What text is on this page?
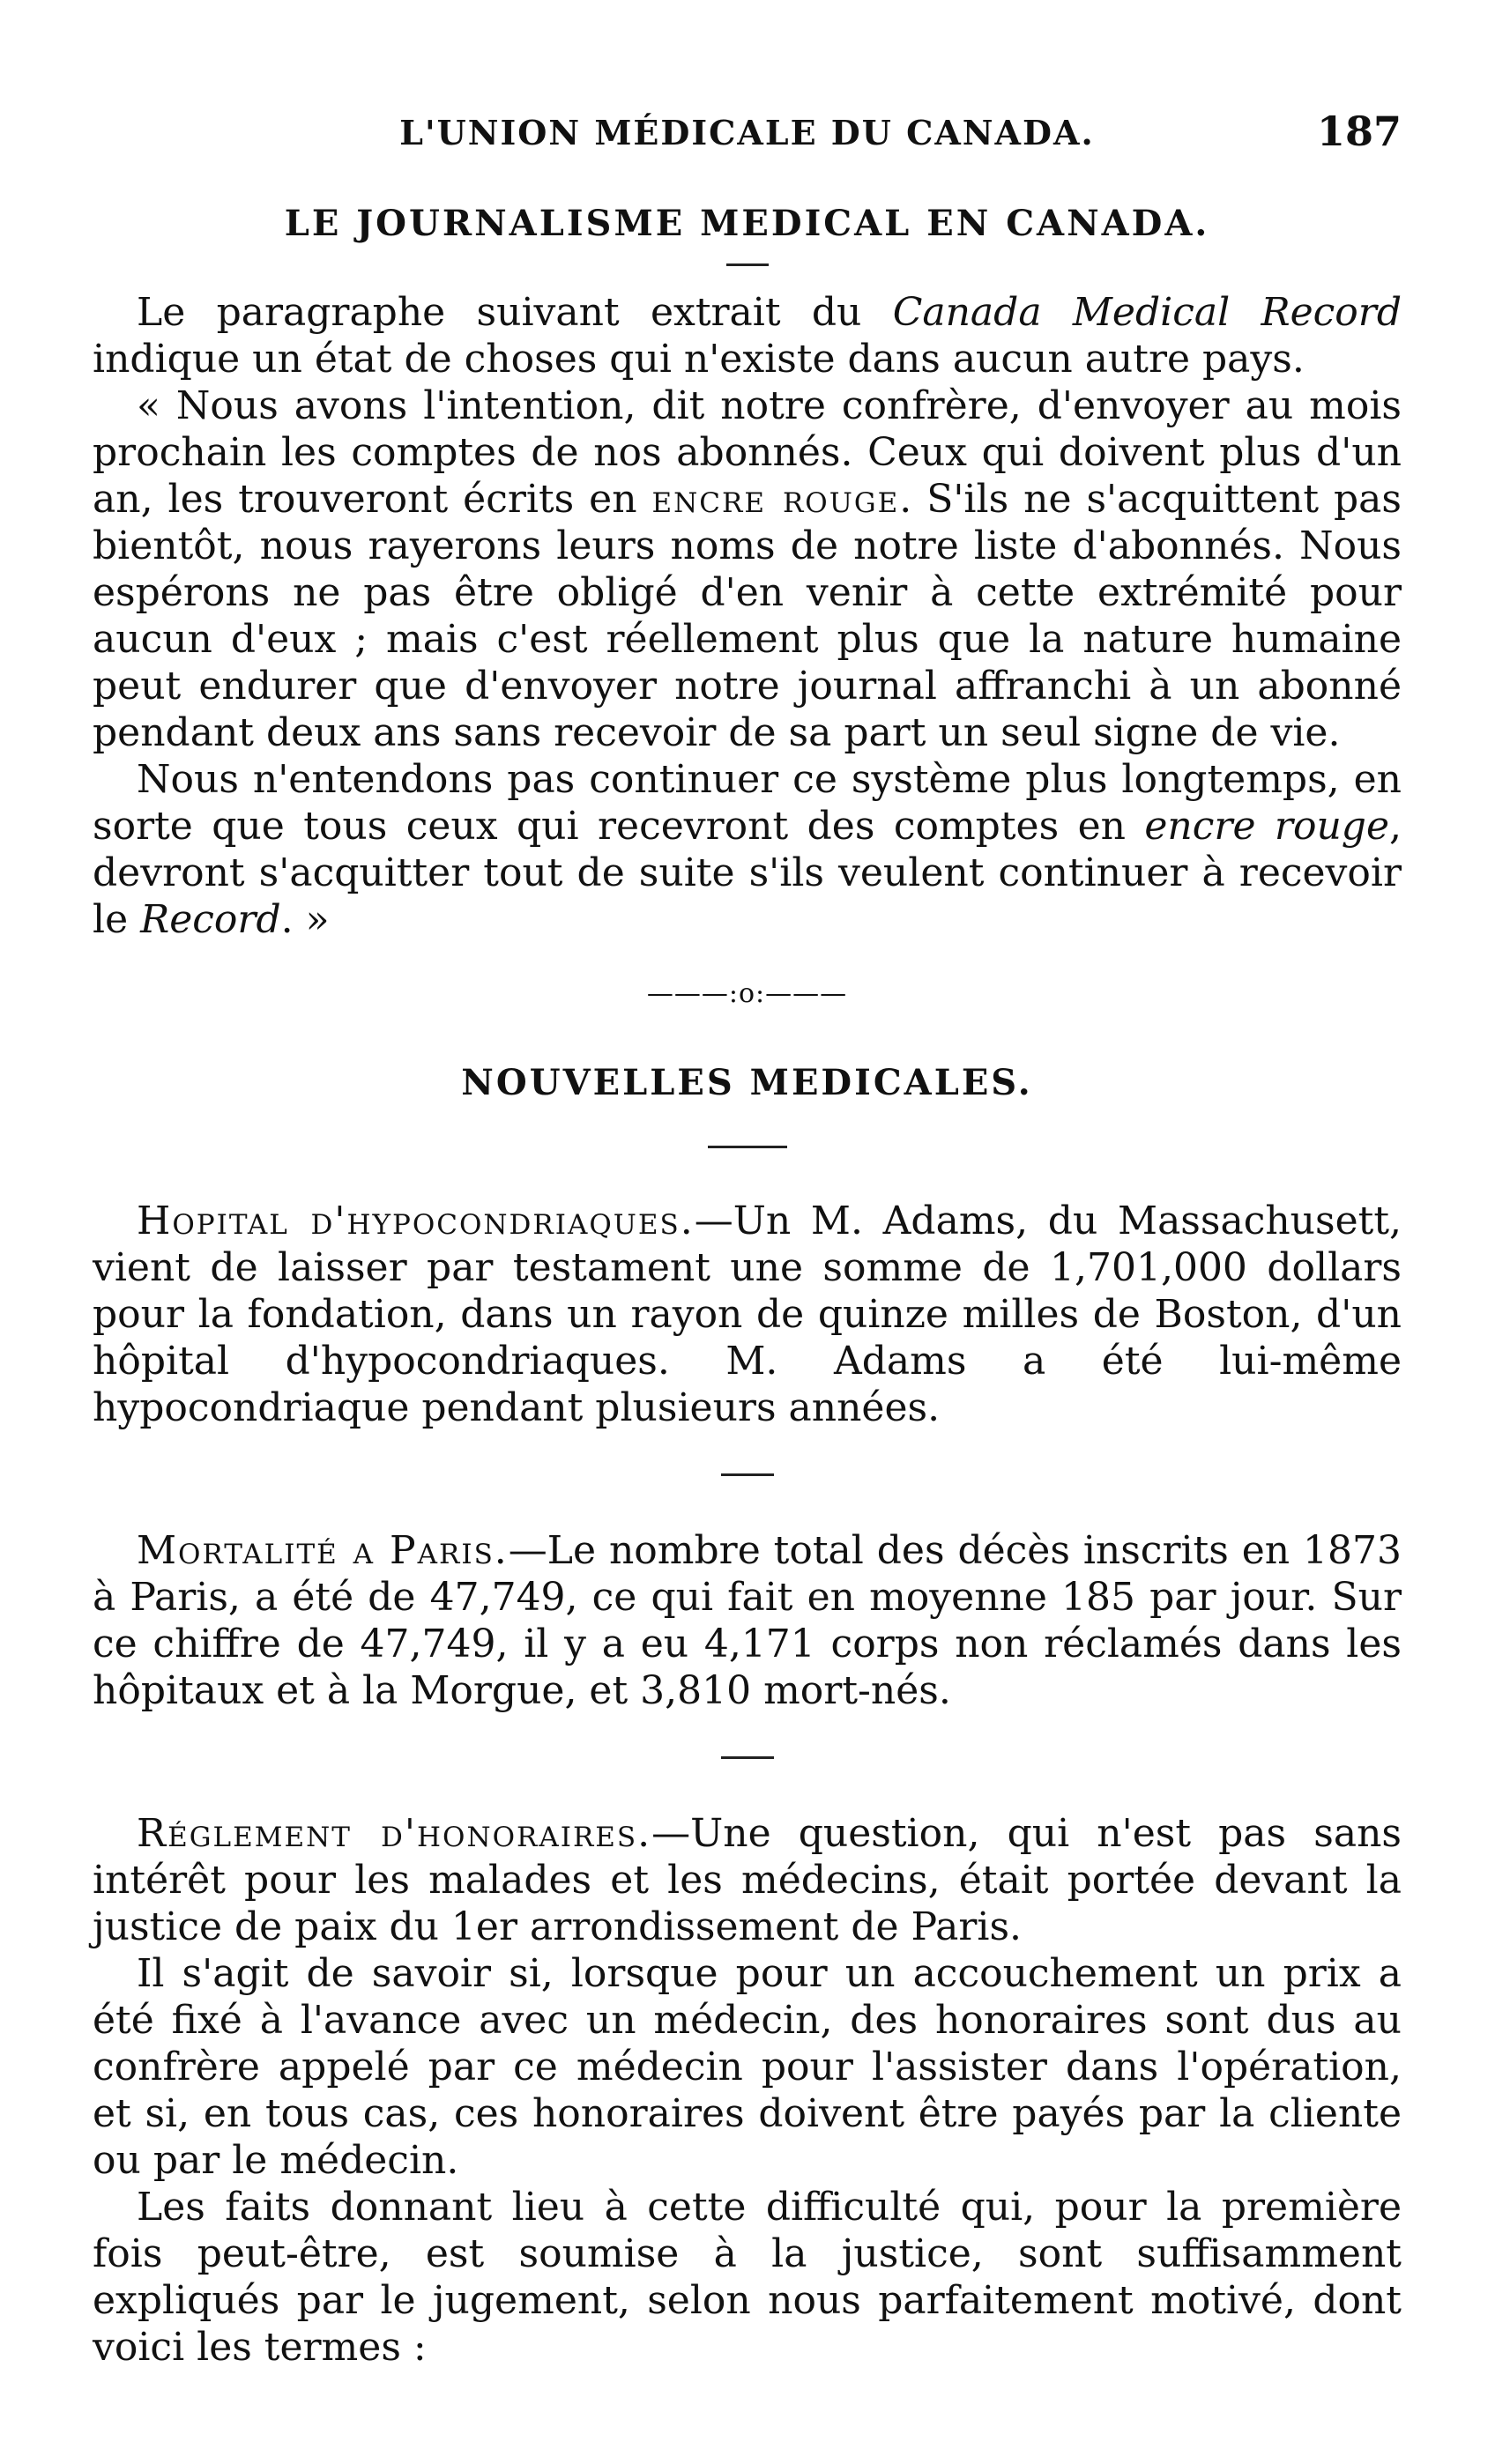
L'UNION MÉDICALE DU CANADA.	187
LE JOURNALISME MEDICAL EN CANADA.

Le paragraphe suivant extrait du Canada Medical Record indique un état de choses qui n'existe dans aucun autre pays.

« Nous avons l'intention, dit notre confrère, d'envoyer au mois prochain les comptes de nos abonnés. Ceux qui doivent plus d'un an, les trouveront écrits en encre rouge. S'ils ne s'acquittent pas bientôt, nous rayerons leurs noms de notre liste d'abonnés. Nous espérons ne pas être obligé d'en venir à cette extrémité pour aucun d'eux ; mais c'est réellement plus que la nature humaine peut endurer que d'envoyer notre journal affranchi à un abonné pendant deux ans sans recevoir de sa part un seul signe de vie.

Nous n'entendons pas continuer ce système plus longtemps, en sorte que tous ceux qui recevront des comptes en encre rouge, devront s'acquitter tout de suite s'ils veulent continuer à recevoir le Record. »

———:o:———
NOUVELLES MEDICALES.

Hopital d'hypocondriaques.—Un M. Adams, du Massachusett, vient de laisser par testament une somme de 1,701,000 dollars pour la fondation, dans un rayon de quinze milles de Boston, d'un hôpital d'hypocondriaques. M. Adams a été lui-même hypocondriaque pendant plusieurs années.

Mortalité a Paris.—Le nombre total des décès inscrits en 1873 à Paris, a été de 47,749, ce qui fait en moyenne 185 par jour. Sur ce chiffre de 47,749, il y a eu 4,171 corps non réclamés dans les hôpitaux et à la Morgue, et 3,810 mort-nés.

Réglement d'honoraires.—Une question, qui n'est pas sans intérêt pour les malades et les médecins, était portée devant la justice de paix du 1er arrondissement de Paris.

Il s'agit de savoir si, lorsque pour un accouchement un prix a été fixé à l'avance avec un médecin, des honoraires sont dus au confrère appelé par ce médecin pour l'assister dans l'opération, et si, en tous cas, ces honoraires doivent être payés par la cliente ou par le médecin.

Les faits donnant lieu à cette difficulté qui, pour la première fois peut-être, est soumise à la justice, sont suffisamment expliqués par le jugement, selon nous parfaitement motivé, dont voici les termes :
